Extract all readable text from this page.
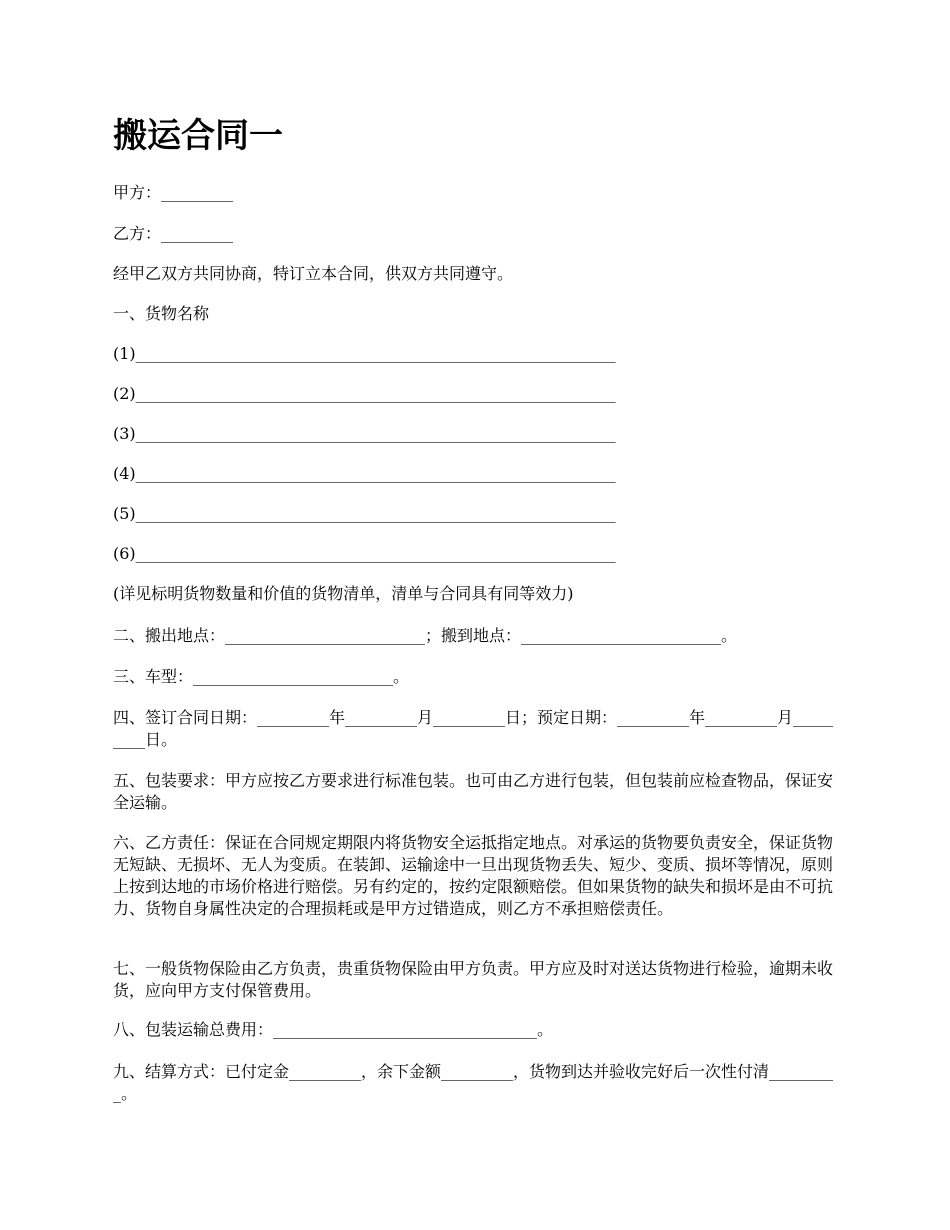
搬运合同一

甲方：_________

乙方：_________

经甲乙双方共同协商，特订立本合同，供双方共同遵守。

一、货物名称

(1)____________________________________________________________

(2)____________________________________________________________

(3)____________________________________________________________

(4)____________________________________________________________

(5)____________________________________________________________

(6)____________________________________________________________

(详见标明货物数量和价值的货物清单，清单与合同具有同等效力)

二、搬出地点：_________________________；搬到地点：_________________________。

三、车型：_________________________。

四、签订合同日期：_________年_________月_________日；预定日期：_________年_________月_________日。

五、包装要求：甲方应按乙方要求进行标准包装。也可由乙方进行包装，但包装前应检查物品，保证安全运输。

六、乙方责任：保证在合同规定期限内将货物安全运抵指定地点。对承运的货物要负责安全，保证货物无短缺、无损坏、无人为变质。在装卸、运输途中一旦出现货物丢失、短少、变质、损坏等情况，原则上按到达地的市场价格进行赔偿。另有约定的，按约定限额赔偿。但如果货物的缺失和损坏是由不可抗力、货物自身属性决定的合理损耗或是甲方过错造成，则乙方不承担赔偿责任。

七、一般货物保险由乙方负责，贵重货物保险由甲方负责。甲方应及时对送达货物进行检验，逾期未收货，应向甲方支付保管费用。

八、包装运输总费用：_________________________________。

九、结算方式：已付定金_________，余下金额_________，货物到达并验收完好后一次性付清_________。
